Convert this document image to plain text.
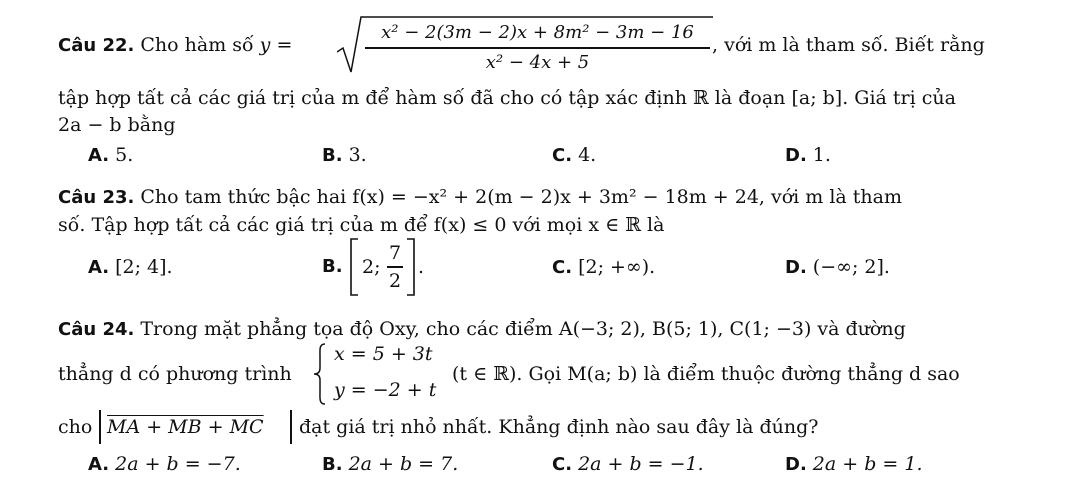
Câu 22. Cho hàm số y =
x² − 2(3m − 2)x + 8m² − 3m − 16
x² − 4x + 5
, với m là tham số. Biết rằng
tập hợp tất cả các giá trị của m để hàm số đã cho có tập xác định ℝ là đoạn [a; b]. Giá trị của
2a − b bằng
A. 5.	B. 3.	C. 4.	D. 1.
Câu 23. Cho tam thức bậc hai f(x) = −x² + 2(m − 2)x + 3m² − 18m + 24, với m là tham
số. Tập hợp tất cả các giá trị của m để f(x) ≤ 0 với mọi x ∈ ℝ là
A. [2; 4].	B. 2;
7
2
.	C. [2; +∞).	D. (−∞; 2].
Câu 24. Trong mặt phẳng tọa độ Oxy, cho các điểm A(−3; 2), B(5; 1), C(1; −3) và đường
thẳng d có phương trình
x = 5 + 3t
y = −2 + t
(t ∈ ℝ). Gọi M(a; b) là điểm thuộc đường thẳng d sao
cho MA + MB + MC đạt giá trị nhỏ nhất. Khẳng định nào sau đây là đúng?
A. 2a + b = −7.	B. 2a + b = 7.	C. 2a + b = −1.	D. 2a + b = 1.
